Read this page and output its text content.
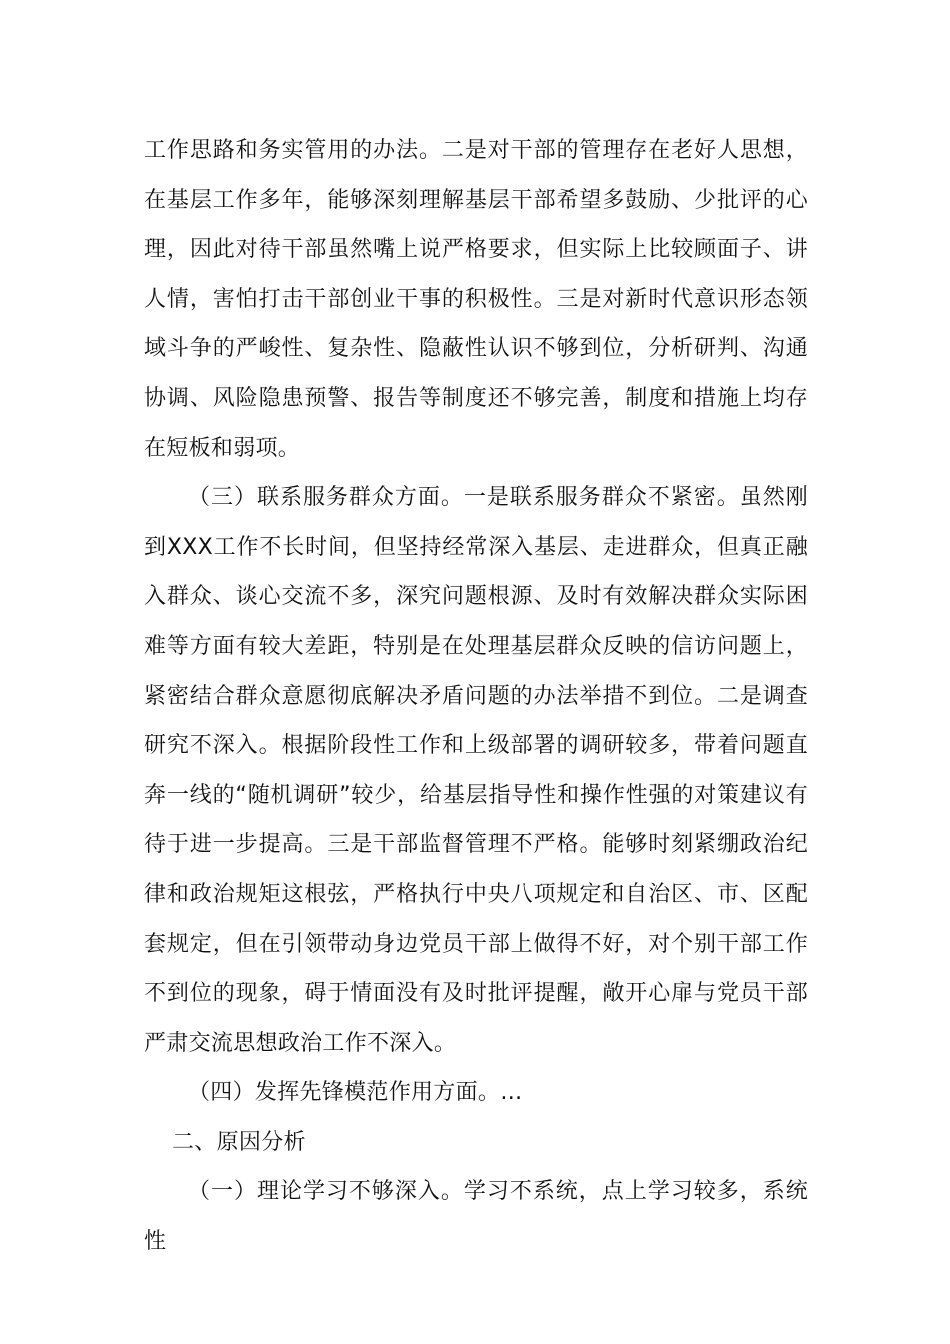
工作思路和务实管用的办法。二是对干部的管理存在老好人思想，在基层工作多年，能够深刻理解基层干部希望多鼓励、少批评的心理，因此对待干部虽然嘴上说严格要求，但实际上比较顾面子、讲人情，害怕打击干部创业干事的积极性。三是对新时代意识形态领域斗争的严峻性、复杂性、隐蔽性认识不够到位，分析研判、沟通协调、风险隐患预警、报告等制度还不够完善，制度和措施上均存在短板和弱项。

（三）联系服务群众方面。一是联系服务群众不紧密。虽然刚到XXX工作不长时间，但坚持经常深入基层、走进群众，但真正融入群众、谈心交流不多，深究问题根源、及时有效解决群众实际困难等方面有较大差距，特别是在处理基层群众反映的信访问题上，紧密结合群众意愿彻底解决矛盾问题的办法举措不到位。二是调查研究不深入。根据阶段性工作和上级部署的调研较多，带着问题直奔一线的“随机调研”较少，给基层指导性和操作性强的对策建议有待于进一步提高。三是干部监督管理不严格。能够时刻紧绷政治纪律和政治规矩这根弦，严格执行中央八项规定和自治区、市、区配套规定，但在引领带动身边党员干部上做得不好，对个别干部工作不到位的现象，碍于情面没有及时批评提醒，敞开心扉与党员干部严肃交流思想政治工作不深入。

（四）发挥先锋模范作用方面。…

二、原因分析

（一）理论学习不够深入。学习不系统，点上学习较多，系统性
